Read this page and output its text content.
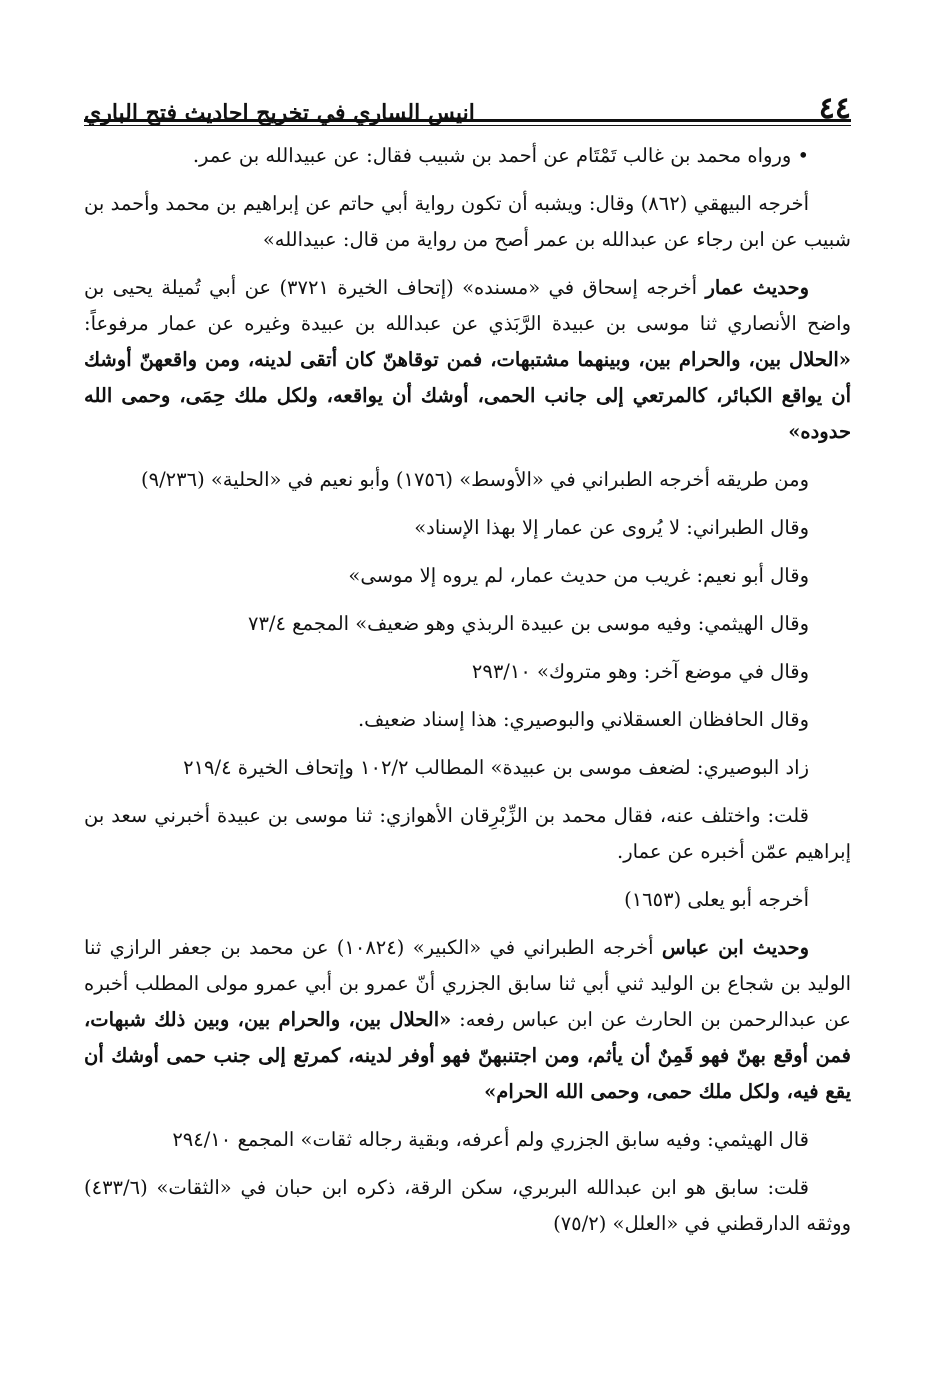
٤٤
انيس الساري في تخريج احاديث فتح الباري

• ورواه محمد بن غالب تَمْتَام عن أحمد بن شبيب فقال: عن عبيدالله بن عمر.

أخرجه البيهقي (٨٦٢) وقال: ويشبه أن تكون رواية أبي حاتم عن إبراهيم بن محمد وأحمد بن شبيب عن ابن رجاء عن عبدالله بن عمر أصح من رواية من قال: عبيدالله»

وحديث عمار أخرجه إسحاق في «مسنده» (إتحاف الخيرة ٣٧٢١) عن أبي تُميلة يحيى بن واضح الأنصاري ثنا موسى بن عبيدة الرَّبَذي عن عبدالله بن عبيدة وغيره عن عمار مرفوعاً: «الحلال بين، والحرام بين، وبينهما مشتبهات، فمن توقاهنّ كان أتقى لدينه، ومن واقعهنّ أوشك أن يواقع الكبائر، كالمرتعي إلى جانب الحمى، أوشك أن يواقعه، ولكل ملك حِمَى، وحمى الله حدوده»

ومن طريقه أخرجه الطبراني في «الأوسط» (١٧٥٦) وأبو نعيم في «الحلية» (٩/٢٣٦)

وقال الطبراني: لا يُروى عن عمار إلا بهذا الإسناد»

وقال أبو نعيم: غريب من حديث عمار، لم يروه إلا موسى»

وقال الهيثمي: وفيه موسى بن عبيدة الربذي وهو ضعيف» المجمع ٧٣/٤

وقال في موضع آخر: وهو متروك» ٢٩٣/١٠

وقال الحافظان العسقلاني والبوصيري: هذا إسناد ضعيف.

زاد البوصيري: لضعف موسى بن عبيدة» المطالب ١٠٢/٢ وإتحاف الخيرة ٢١٩/٤

قلت: واختلف عنه، فقال محمد بن الزِّبْرِقان الأهوازي: ثنا موسى بن عبيدة أخبرني سعد بن إبراهيم عمّن أخبره عن عمار.

أخرجه أبو يعلى (١٦٥٣)

وحديث ابن عباس أخرجه الطبراني في «الكبير» (١٠٨٢٤) عن محمد بن جعفر الرازي ثنا الوليد بن شجاع بن الوليد ثني أبي ثنا سابق الجزري أنّ عمرو بن أبي عمرو مولى المطلب أخبره عن عبدالرحمن بن الحارث عن ابن عباس رفعه: «الحلال بين، والحرام بين، وبين ذلك شبهات، فمن أوقع بهنّ فهو قَمِنٌ أن يأثم، ومن اجتنبهنّ فهو أوفر لدينه، كمرتع إلى جنب حمى أوشك أن يقع فيه، ولكل ملك حمى، وحمى الله الحرام»

قال الهيثمي: وفيه سابق الجزري ولم أعرفه، وبقية رجاله ثقات» المجمع ٢٩٤/١٠

قلت: سابق هو ابن عبدالله البربري، سكن الرقة، ذكره ابن حبان في «الثقات» (٤٣٣/٦) ووثقه الدارقطني في «العلل» (٧٥/٢)
